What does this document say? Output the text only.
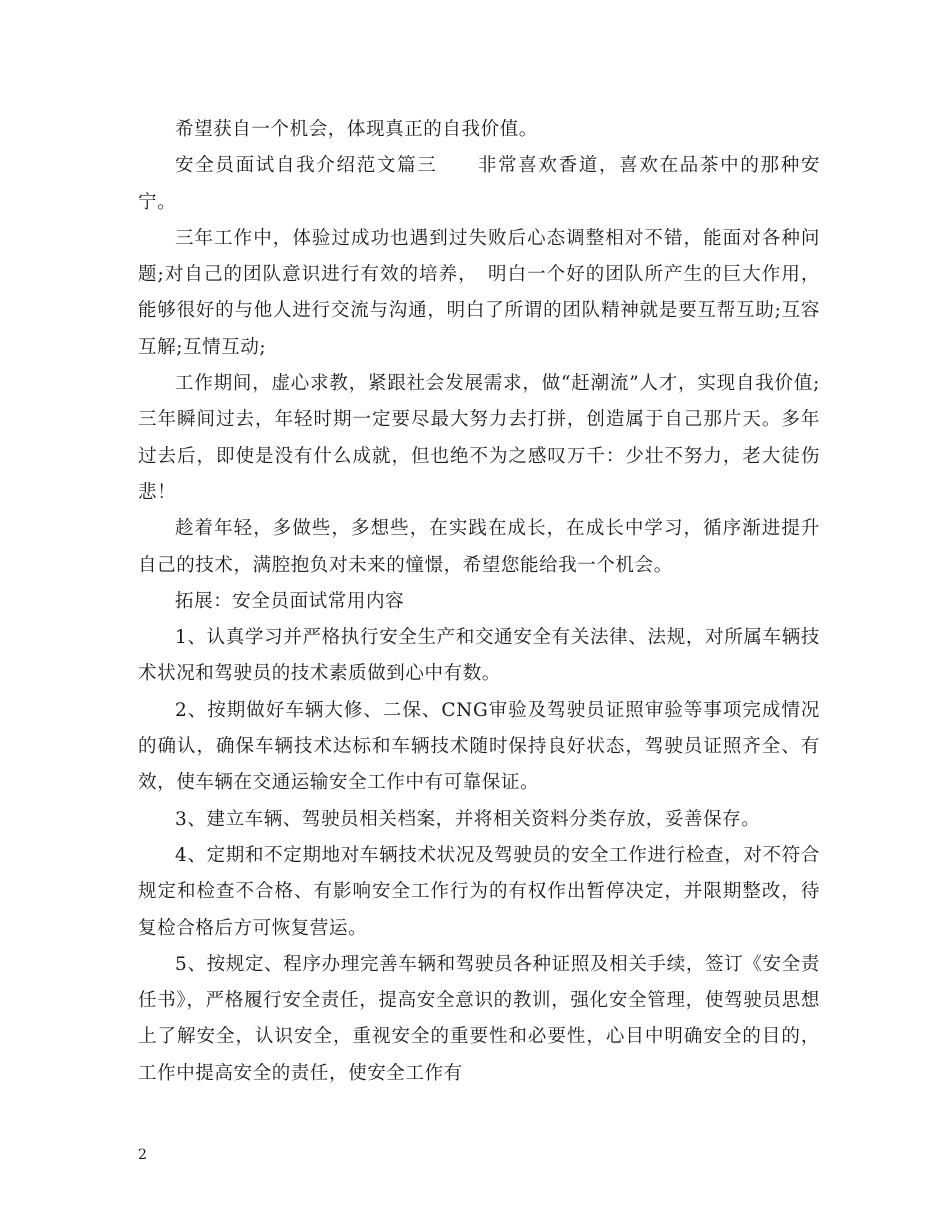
希望获自一个机会，体现真正的自我价值。

安全员面试自我介绍范文篇三　　非常喜欢香道，喜欢在品茶中的那种安宁。

三年工作中，体验过成功也遇到过失败后心态调整相对不错，能面对各种问题;对自己的团队意识进行有效的培养，　明白一个好的团队所产生的巨大作用，能够很好的与他人进行交流与沟通，明白了所谓的团队精神就是要互帮互助;互容互解;互情互动;

工作期间，虚心求教，紧跟社会发展需求，做“赶潮流”人才，实现自我价值;三年瞬间过去，年轻时期一定要尽最大努力去打拼，创造属于自己那片天。多年过去后，即使是没有什么成就，但也绝不为之感叹万千：少壮不努力，老大徒伤悲！

趁着年轻，多做些，多想些，在实践在成长，在成长中学习，循序渐进提升自己的技术，满腔抱负对未来的憧憬，希望您能给我一个机会。

拓展：安全员面试常用内容

1、认真学习并严格执行安全生产和交通安全有关法律、法规，对所属车辆技术状况和驾驶员的技术素质做到心中有数。

2、按期做好车辆大修、二保、CNG审验及驾驶员证照审验等事项完成情况的确认，确保车辆技术达标和车辆技术随时保持良好状态，驾驶员证照齐全、有效，使车辆在交通运输安全工作中有可靠保证。

3、建立车辆、驾驶员相关档案，并将相关资料分类存放，妥善保存。

4、定期和不定期地对车辆技术状况及驾驶员的安全工作进行检查，对不符合规定和检查不合格、有影响安全工作行为的有权作出暂停决定，并限期整改，待复检合格后方可恢复营运。

5、按规定、程序办理完善车辆和驾驶员各种证照及相关手续，签订《安全责任书》，严格履行安全责任，提高安全意识的教训，强化安全管理，使驾驶员思想上了解安全，认识安全，重视安全的重要性和必要性，心目中明确安全的目的，工作中提高安全的责任，使安全工作有

2
